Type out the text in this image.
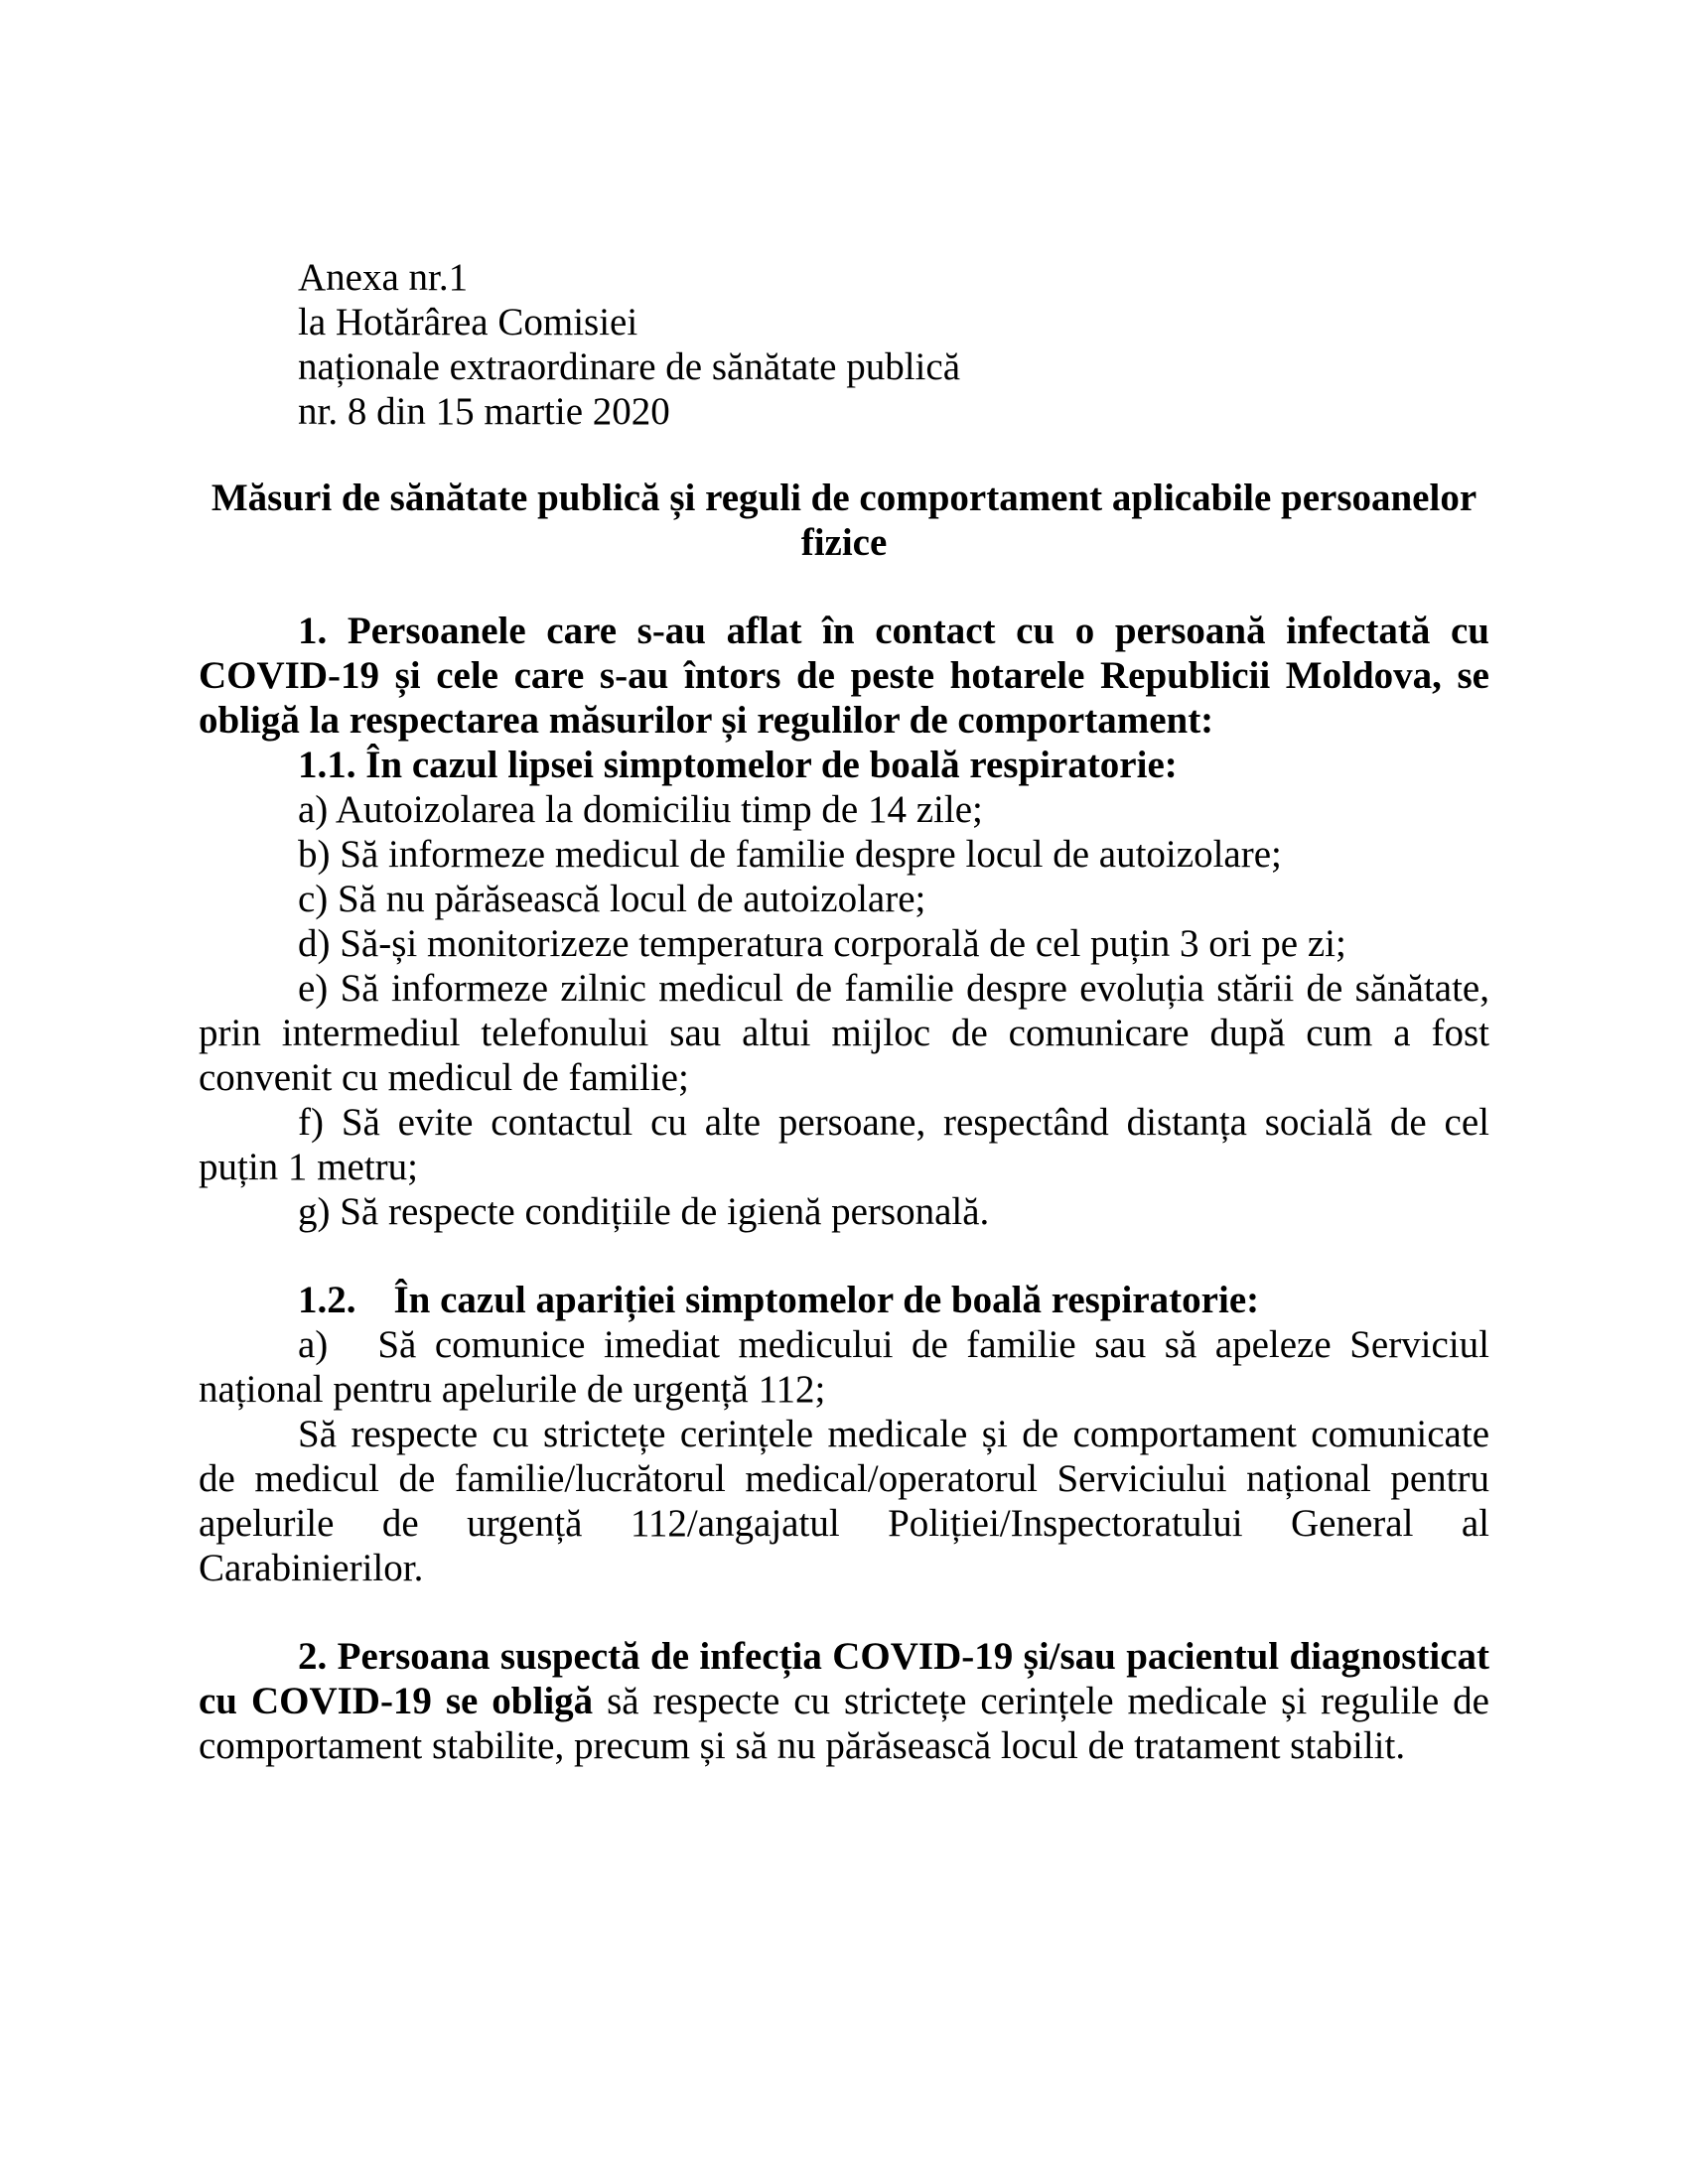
Anexa nr.1
la Hotărârea Comisiei
naționale extraordinare de sănătate publică
nr. 8 din 15 martie 2020
Măsuri de sănătate publică și reguli de comportament aplicabile persoanelor fizice

1. Persoanele care s-au aflat în contact cu o persoană infectată cu COVID-19 și cele care s-au întors de peste hotarele Republicii Moldova, se obligă la respectarea măsurilor și regulilor de comportament:

1.1. În cazul lipsei simptomelor de boală respiratorie:

a) Autoizolarea la domiciliu timp de 14 zile;

b) Să informeze medicul de familie despre locul de autoizolare;

c) Să nu părăsească locul de autoizolare;

d) Să-și monitorizeze temperatura corporală de cel puțin 3 ori pe zi;

e) Să informeze zilnic medicul de familie despre evoluția stării de sănătate, prin intermediul telefonului sau altui mijloc de comunicare după cum a fost convenit cu medicul de familie;

f) Să evite contactul cu alte persoane, respectând distanța socială de cel puțin 1 metru;

g) Să respecte condițiile de igienă personală.

1.2. În cazul apariției simptomelor de boală respiratorie:

a) Să comunice imediat medicului de familie sau să apeleze Serviciul național pentru apelurile de urgență 112;

Să respecte cu strictețe cerințele medicale și de comportament comunicate de medicul de familie/lucrătorul medical/operatorul Serviciului național pentru apelurile de urgență 112/angajatul Poliției/Inspectoratului General al Carabinierilor.

2. Persoana suspectă de infecția COVID-19 și/sau pacientul diagnosticat cu COVID-19 se obligă să respecte cu strictețe cerințele medicale și regulile de comportament stabilite, precum și să nu părăsească locul de tratament stabilit.
